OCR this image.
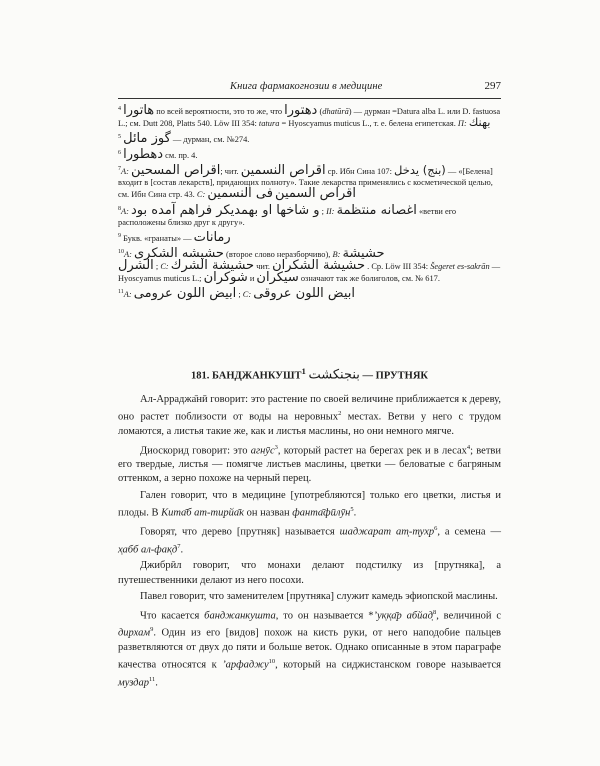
Книга фармакогнозии в медицине	297

$^4$ هاتورا по всей вероятности, это то же, что دهتورا (dhatūrā) — дурман =Datura alba L. или D. fastuosa L.; см. Dutt 208, Platts 540. Löw III 354: tatura = Hyoscyamus muticus L., т. е. белена египетская. П: بهنك

$^5$ گوز مائل — дурман, см. №274.

$^6$ دهطورا см. пр. 4.

$^7$A: اقراص المسحين; чит. اقراص النسمين ср. Ибн Сина 107: (بنج) يدخل — «[Белена] входит в [состав лекарств], придающих полноту». Такие лекарства применялись с косметической целью, см. Ибн Сина стр. 43. C: فى النسمين اقراص السمين

$^8$A: و شاخها او بهمديكر فراهم آمده بود ; II: اغصانه منتظمة «ветви его расположены близко друг к другу».

$^9$ Букв. «гранаты» — رمانات

$^{10}$A: حشيشه الشكرى (второе слово неразборчиво), B: حشيشة
الشرل ; C: حشيشة الشرك чит. حشيشة الشكران . Ср. Löw III 354: Šegeret es-sakrān — Hyoscyamus muticus L.; شوكران и سيكران означают так же болиголов, см. № 617.

$^{11}$A: ابيض اللون عرومى ; C: ابيض اللون عروقى

181. БАНДЖАНКУШТ$^1$ بنجنكشت — ПРУТНЯК

Ал-Арраджа̄нӣ говорит: это растение по своей величине приближается к дереву, оно растет поблизости от воды на неровных$^2$ местах. Ветви у него с трудом ломаются, а листья такие же, как и листья маслины, но они немного мягче.

Диоскорид говорит: это агнӯс$^3$, который растет на берегах рек и в лесах$^4$; ветви его твердые, листья — помягче листьев маслины, цветки — беловатые с багряным оттенком, а зерно похоже на черный перец.

Гален говорит, что в медицине [употребляются] только его цветки, листья и плоды. В Кита̄б ат-тирйа̄к он назван фанта̄фӣлӯн$^5$.

Говорят, что дерево [прутняк] называется шаджарат ат̣-т̣ухр$^6$, а семена — х̣абб $ал-фак̣д^7$.

Джибрӣл говорит, что монахи делают подстилку из [прутняка], а путешественники делают из него посохи.

Павел говорит, что заменителем [прутняка] служит камедь эфиопской маслины.

Что касается банджанкушта, то он называется *ʼук̣к̣а̄р абйад̣$^8$, величиной с дирхам$^9$. Один из его [видов] похож на кисть руки, от него наподобие пальцев разветвляются от двух до пяти и больше веток. Однако описанные в этом параграфе качества относятся к ʼарфаджу$^{10}$, который на сиджистанском говоре называется муздар$^{11}$.
